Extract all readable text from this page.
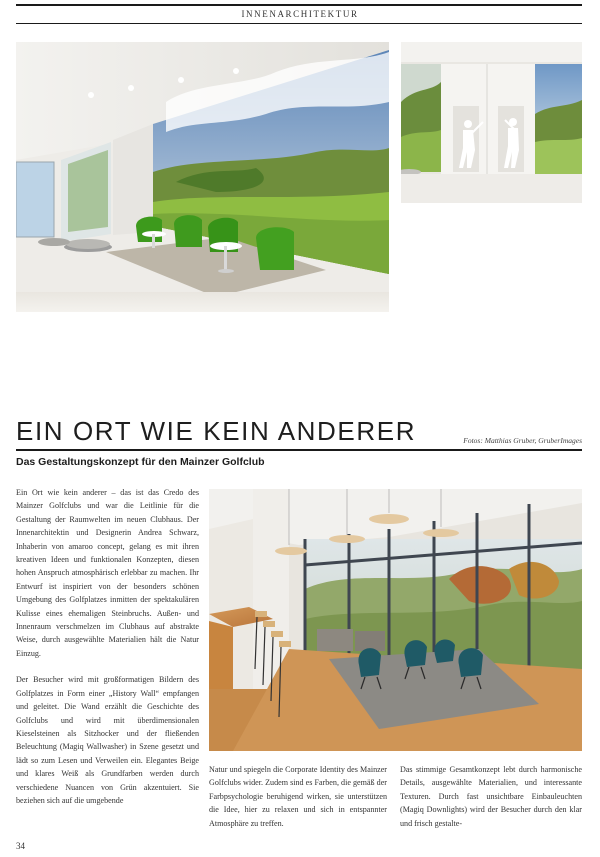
INNENARCHITEKTUR
EIN ORT WIE KEIN ANDERER	Fotos: Matthias Gruber, GruberImages
Das Gestaltungskonzept für den Mainzer Golfclub

Ein Ort wie kein anderer – das ist das Credo des Mainzer Golfclubs und war die Leitlinie für die Gestaltung der Raumwelten im neuen Clubhaus. Der Innenarchitektin und Designerin Andrea Schwarz, Inhaberin von amaroo concept, gelang es mit ihren kreativen Ideen und funktionalen Konzepten, diesen hohen Anspruch atmosphärisch erlebbar zu machen. Ihr Entwurf ist inspiriert von der besonders schönen Umgebung des Golfplatzes inmitten der spektakulären Kulisse eines ehemaligen Steinbruchs. Außen- und Innenraum verschmelzen im Clubhaus auf abstrakte Weise, durch ausgewählte Materialien hält die Natur Einzug.

Der Besucher wird mit großformatigen Bildern des Golfplatzes in Form einer „History Wall“ empfangen und geleitet. Die Wand erzählt die Geschichte des Golfclubs und wird mit überdimensionalen Kieselsteinen als Sitzhocker und der fließenden Beleuchtung (Magiq Wallwasher) in Szene gesetzt und lädt so zum Lesen und Verweilen ein. Elegantes Beige und klares Weiß als Grundfarben werden durch verschiedene Nuancen von Grün akzentuiert. Sie beziehen sich auf die umgebende

Natur und spiegeln die Corporate Identity des Mainzer Golfclubs wider. Zudem sind es Farben, die gemäß der Farbpsychologie beruhigend wirken, sie unterstützen die Idee, hier zu relaxen und sich in entspannter Atmosphäre zu treffen.
Das stimmige Gesamtkonzept lebt durch harmonische Details, ausgewählte Materialien, und interessante Texturen. Durch fast unsichtbare Einbauleuchten (Magiq Downlights) wird der Besucher durch den klar und frisch gestalte-
34
